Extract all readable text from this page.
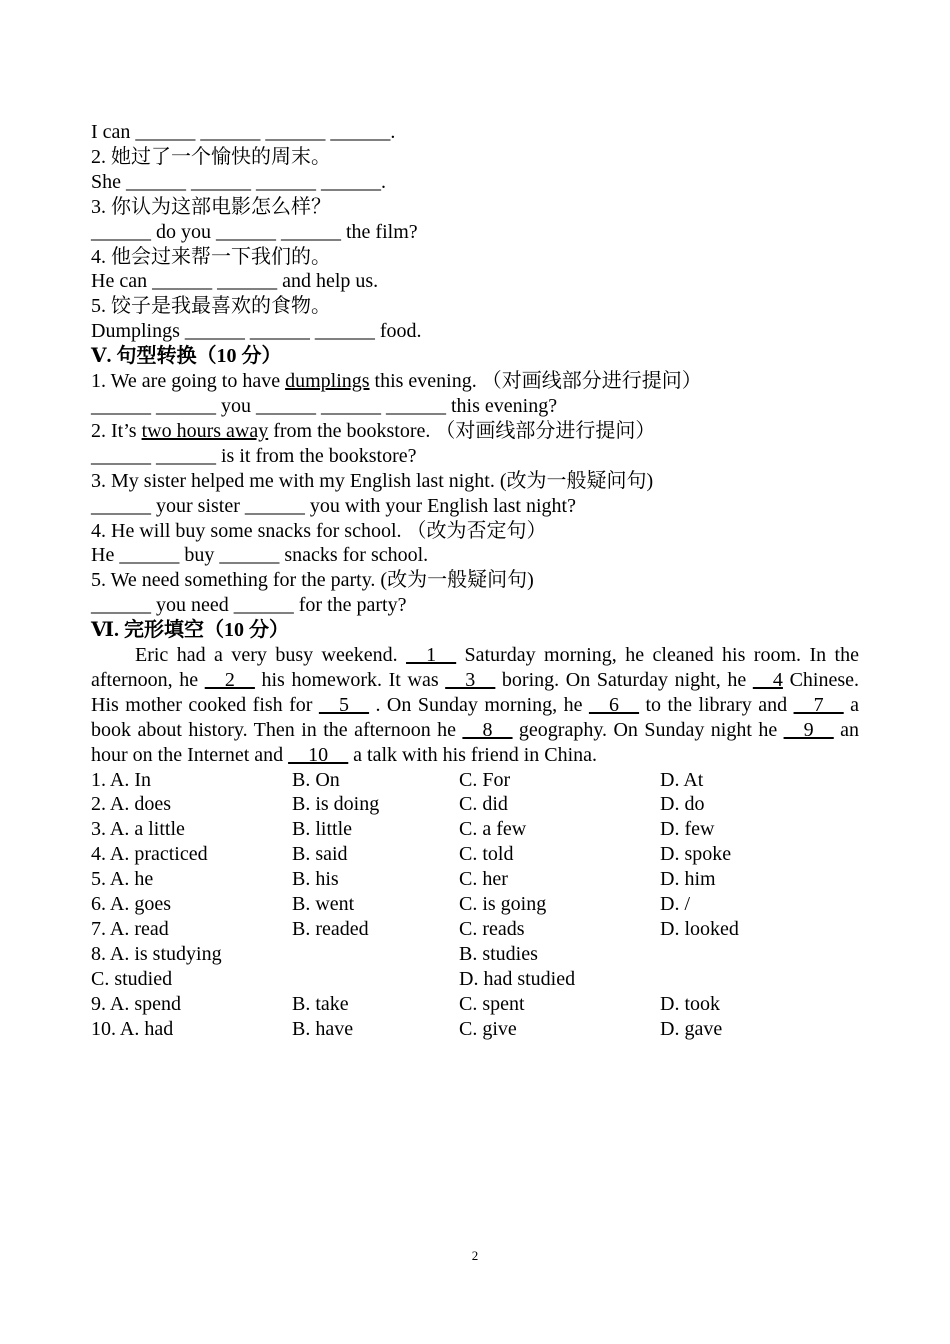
I can ______ ______ ______ ______.
2. 她过了一个愉快的周末。
She ______ ______ ______ ______.
3. 你认为这部电影怎么样？
______ do you ______ ______ the film?
4. 他会过来帮一下我们的。
He can ______ ______ and help us.
5. 饺子是我最喜欢的食物。
Dumplings ______ ______ ______ food.
Ⅴ. 句型转换（10 分）
1. We are going to have dumplings this evening. （对画线部分进行提问）
______ ______ you ______ ______ ______ this evening?
2. It’s two hours away from the bookstore. （对画线部分进行提问）
______ ______ is it from the bookstore?
3. My sister helped me with my English last night. (改为一般疑问句)
______ your sister ______ you with your English last night?
4. He will buy some snacks for school. （改为否定句）
He ______ buy ______ snacks for school.
5. We need something for the party. (改为一般疑问句)
______ you need ______ for the party?
Ⅵ. 完形填空（10 分）

Eric had a very busy weekend. __1__ Saturday morning, he cleaned his room. In the afternoon, he __2__ his homework. It was __3__ boring. On Saturday night, he __4 Chinese. His mother cooked fish for __5__ . On Sunday morning, he __6__ to the library and __7__ a book about history. Then in the afternoon he __8__ geography. On Sunday night he __9__ an hour on the Internet and __10__ a talk with his friend in China.

1. A. In	B. On	C. For	D. At
2. A. does	B. is doing	C. did	D. do
3. A. a little	B. little	C. a few	D. few
4. A. practiced	B. said	C. told	D. spoke
5. A. he	B. his	C. her	D. him
6. A. goes	B. went	C. is going	D. /
7. A. read	B. readed	C. reads	D. looked
8. A. is studying	B. studies
C. studied	D. had studied
9. A. spend	B. take	C. spent	D. took
10. A. had	B. have	C. give	D. gave
2
